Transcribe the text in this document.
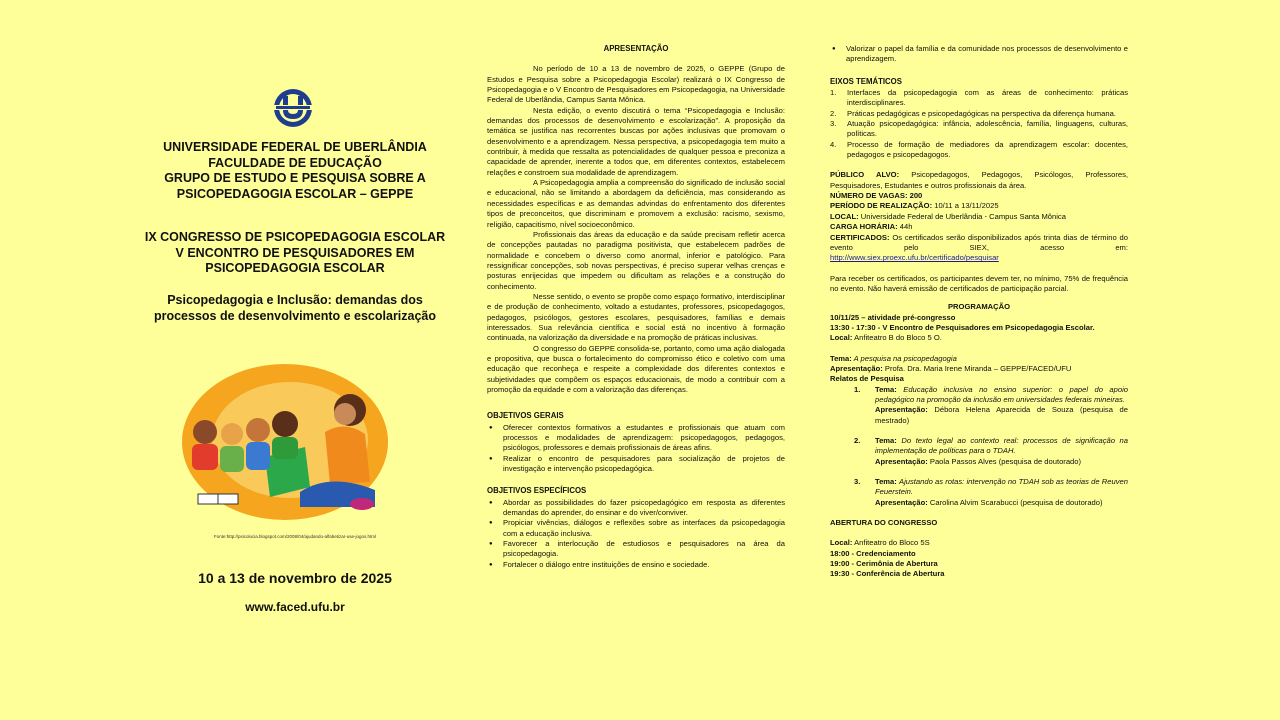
UNIVERSIDADE FEDERAL DE UBERLÂNDIA
FACULDADE DE EDUCAÇÃO
GRUPO DE ESTUDO E PESQUISA SOBRE A
PSICOPEDAGOGIA ESCOLAR – GEPPE
IX CONGRESSO DE PSICOPEDAGOGIA ESCOLAR
V ENCONTRO DE PESQUISADORES EM
PSICOPEDAGOGIA ESCOLAR
Psicopedagogia e Inclusão: demandas dos
processos de desenvolvimento e escolarização
Fonte:http://psicolucia.blogspot.com/2008/04/ajudando-alfabetizar-use-jogos.html
10 a 13 de novembro de 2025
www.faced.ufu.br
APRESENTAÇÃO

No período de 10 a 13 de novembro de 2025, o GEPPE (Grupo de Estudos e Pesquisa sobre a Psicopedagogia Escolar) realizará o IX Congresso de Psicopedagogia e o V Encontro de Pesquisadores em Psicopedagogia, na Universidade Federal de Uberlândia, Campus Santa Mônica.

Nesta edição, o evento discutirá o tema “Psicopedagogia e Inclusão: demandas dos processos de desenvolvimento e escolarização”. A proposição da temática se justifica nas recorrentes buscas por ações inclusivas que promovam o desenvolvimento e a aprendizagem. Nessa perspectiva, a psicopedagogia tem muito a contribuir, à medida que ressalta as potencialidades de qualquer pessoa e preconiza a capacidade de aprender, inerente a todos que, em diferentes contextos, estabelecem relações e constroem sua modalidade de aprendizagem.

A Psicopedagogia amplia a compreensão do significado de inclusão social e educacional, não se limitando a abordagem da deficiência, mas considerando as necessidades específicas e as demandas advindas do enfrentamento dos diferentes tipos de preconceitos, que discriminam e promovem a exclusão: racismo, sexismo, religião, capacitismo, nível socioeconômico.

Profissionais das áreas da educação e da saúde precisam refletir acerca de concepções pautadas no paradigma positivista, que estabelecem padrões de normalidade e concebem o diverso como anormal, inferior e patológico. Para ressignificar concepções, sob novas perspectivas, é preciso superar velhas crenças e posturas enrijecidas que impedem ou dificultam as relações e a construção do conhecimento.

Nesse sentido, o evento se propõe como espaço formativo, interdisciplinar e de produção de conhecimento, voltado a estudantes, professores, psicopedagogos, pedagogos, psicólogos, gestores escolares, pesquisadores, famílias e demais interessados. Sua relevância científica e social está no incentivo à formação continuada, na valorização da diversidade e na promoção de práticas inclusivas.

O congresso do GEPPE consolida-se, portanto, como uma ação dialogada e propositiva, que busca o fortalecimento do compromisso ético e coletivo com uma educação que reconheça e respeite a complexidade dos diferentes contextos e subjetividades que compõem os espaços educacionais, de modo a contribuir com a promoção da equidade e com a valorização das diferenças.

OBJETIVOS GERAIS
● Oferecer contextos formativos a estudantes e profissionais que atuam com processos e modalidades de aprendizagem: psicopedagogos, pedagogos, psicólogos, professores e demais profissionais de áreas afins.
● Realizar o encontro de pesquisadores para socialização de projetos de investigação e intervenção psicopedagógica.
OBJETIVOS ESPECÍFICOS
● Abordar as possibilidades do fazer psicopedagógico em resposta as diferentes demandas do aprender, do ensinar e do viver/conviver.
● Propiciar vivências, diálogos e reflexões sobre as interfaces da psicopedagogia com a educação inclusiva.
● Favorecer a interlocução de estudiosos e pesquisadores na área da psicopedagogia.
● Fortalecer o diálogo entre instituições de ensino e sociedade.
● Valorizar o papel da família e da comunidade nos processos de desenvolvimento e aprendizagem.
EIXOS TEMÁTICOS
1. Interfaces da psicopedagogia com as áreas de conhecimento: práticas interdisciplinares.
2. Práticas pedagógicas e psicopedagógicas na perspectiva da diferença humana.
3. Atuação psicopedagógica: infância, adolescência, família, linguagens, culturas, políticas.
4. Processo de formação de mediadores da aprendizagem escolar: docentes, pedagogos e psicopedagogos.
PÚBLICO ALVO: Psicopedagogos, Pedagogos, Psicólogos, Professores, Pesquisadores, Estudantes e outros profissionais da área.
NÚMERO DE VAGAS: 200
PERÍODO DE REALIZAÇÃO: 10/11 a 13/11/2025
LOCAL: Universidade Federal de Uberlândia - Campus Santa Mônica
CARGA HORÁRIA: 44h
CERTIFICADOS: Os certificados serão disponibilizados após trinta dias de término do evento pelo SIEX, acesso em:
http://www.siex.proexc.ufu.br/certificado/pesquisar
Para receber os certificados, os participantes devem ter, no mínimo, 75% de frequência no evento. Não haverá emissão de certificados de participação parcial.
PROGRAMAÇÃO
10/11/25 – atividade pré-congresso
13:30 - 17:30 - V Encontro de Pesquisadores em Psicopedagogia Escolar.
Local: Anfiteatro B do Bloco 5 O.
Tema: A pesquisa na psicopedagogia
Apresentação: Profa. Dra. Maria Irene Miranda – GEPPE/FACED/UFU
Relatos de Pesquisa
1. Tema: Educação inclusiva no ensino superior: o papel do apoio pedagógico na promoção da inclusão em universidades federais mineiras.
Apresentação: Débora Helena Aparecida de Souza (pesquisa de mestrado)
2. Tema: Do texto legal ao contexto real: processos de significação na implementação de políticas para o TDAH.
Apresentação: Paola Passos Alves (pesquisa de doutorado)
3. Tema: Ajustando as rotas: intervenção no TDAH sob as teorias de Reuven Feuerstein.
Apresentação: Carolina Alvim Scarabucci (pesquisa de doutorado)
ABERTURA DO CONGRESSO
Local: Anfiteatro do Bloco 5S
18:00 - Credenciamento
19:00 - Cerimônia de Abertura
19:30 - Conferência de Abertura
